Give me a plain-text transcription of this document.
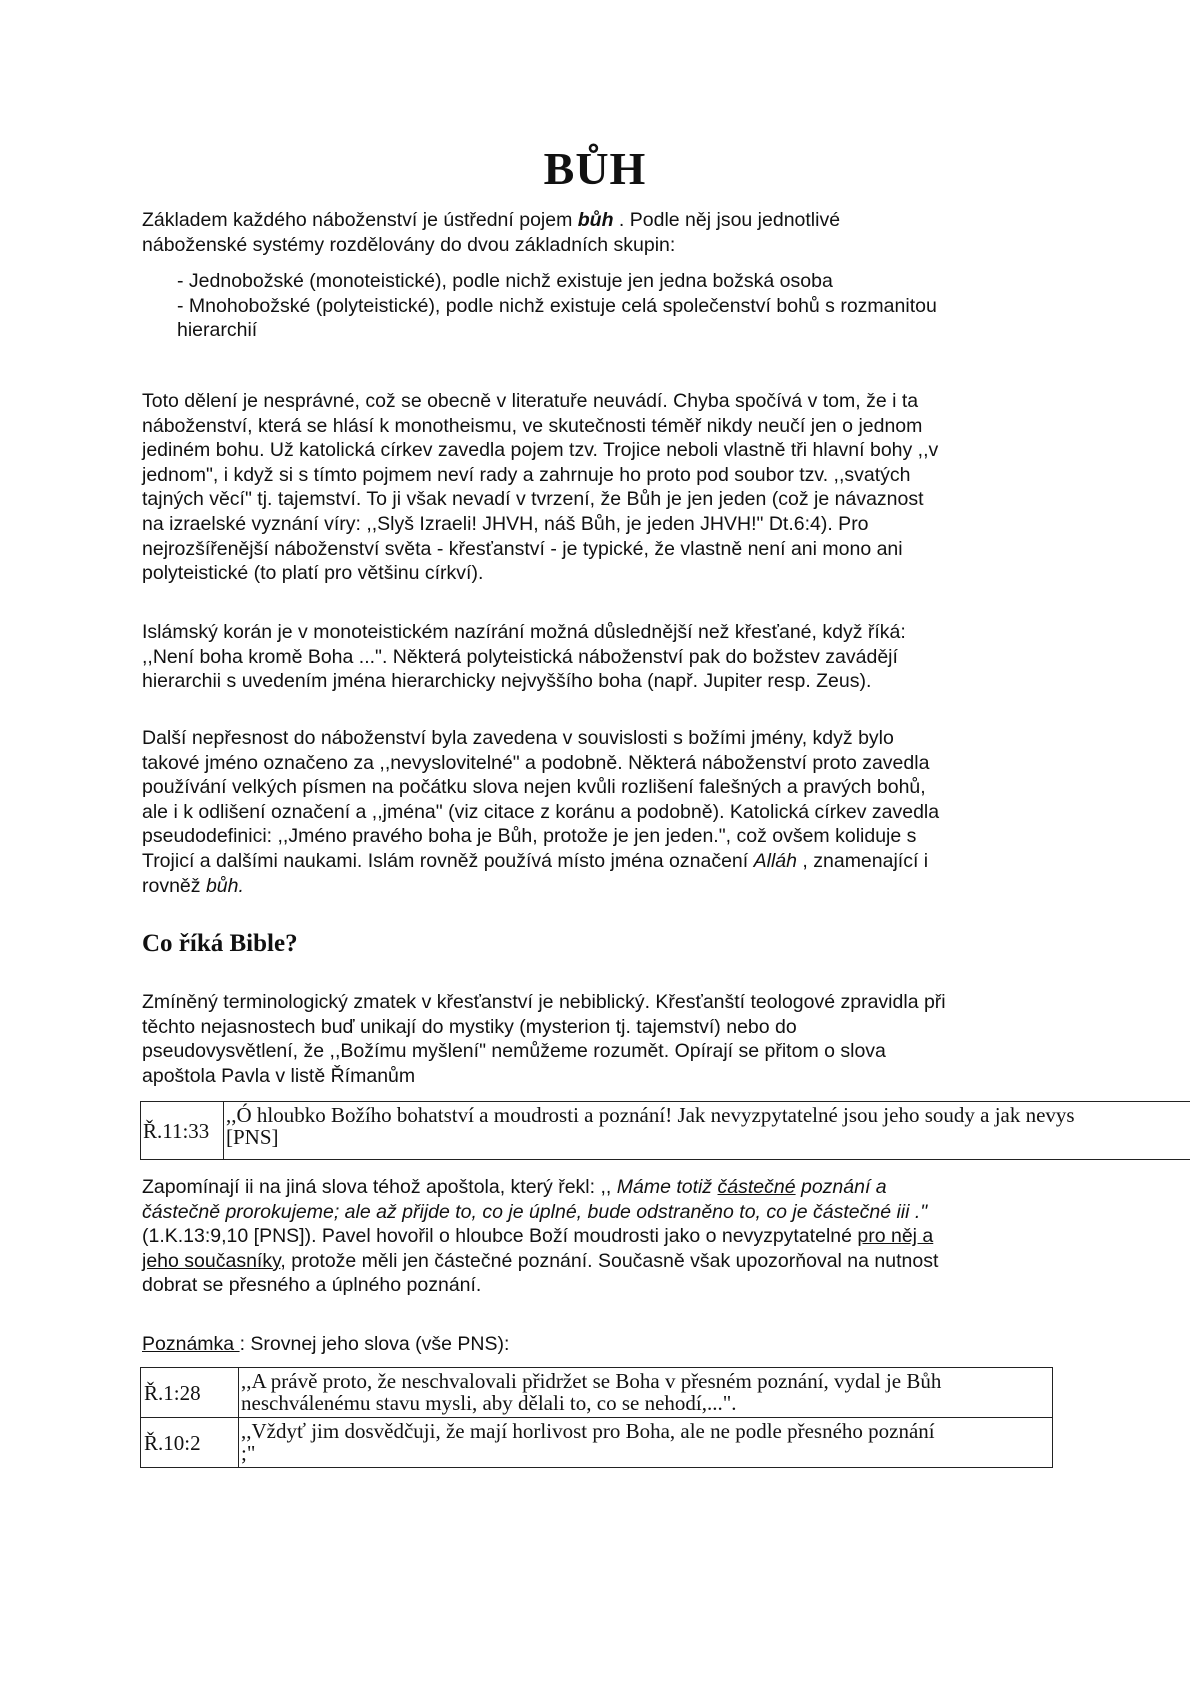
BŮH
Základem každého náboženství je ústřední pojem bůh . Podle něj jsou jednotlivé
náboženské systémy rozdělovány do dvou základních skupin:
- Jednobožské (monoteistické), podle nichž existuje jen jedna božská osoba
- Mnohobožské (polyteistické), podle nichž existuje celá společenství bohů s rozmanitou
hierarchií
Toto dělení je nesprávné, což se obecně v literatuře neuvádí. Chyba spočívá v tom, že i ta
náboženství, která se hlásí k monotheismu, ve skutečnosti téměř nikdy neučí jen o jednom
jediném bohu. Už katolická církev zavedla pojem tzv. Trojice neboli vlastně tři hlavní bohy ,,v
jednom", i když si s tímto pojmem neví rady a zahrnuje ho proto pod soubor tzv. ,,svatých
tajných věcí" tj. tajemství. To ji však nevadí v tvrzení, že Bůh je jen jeden (což je návaznost
na izraelské vyznání víry: ,,Slyš Izraeli! JHVH, náš Bůh, je jeden JHVH!" Dt.6:4). Pro
nejrozšířenější náboženství světa - křesťanství - je typické, že vlastně není ani mono ani
polyteistické (to platí pro většinu církví).
Islámský korán je v monoteistickém nazírání možná důslednější než křesťané, když říká:
,,Není boha kromě Boha ...". Některá polyteistická náboženství pak do božstev zavádějí
hierarchii s uvedením jména hierarchicky nejvyššího boha (např. Jupiter resp. Zeus).
Další nepřesnost do náboženství byla zavedena v souvislosti s božími jmény, když bylo
takové jméno označeno za ,,nevyslovitelné" a podobně. Některá náboženství proto zavedla
používání velkých písmen na počátku slova nejen kvůli rozlišení falešných a pravých bohů,
ale i k odlišení označení a ,,jména" (viz citace z koránu a podobně). Katolická církev zavedla
pseudodefinici: ,,Jméno pravého boha je Bůh, protože je jen jeden.", což ovšem koliduje s
Trojicí a dalšími naukami. Islám rovněž používá místo jména označení Alláh , znamenající i
rovněž bůh.
Co říká Bible?
Zmíněný terminologický zmatek v křesťanství je nebiblický. Křesťanští teologové zpravidla při
těchto nejasnostech buď unikají do mystiky (mysterion tj. tajemství) nebo do
pseudovysvětlení, že ,,Božímu myšlení" nemůžeme rozumět. Opírají se přitom o slova
apoštola Pavla v listě Římanům
Ř.11:33	
,,Ó hloubko Božího bohatství a moudrosti a poznání! Jak nevyzpytatelné jsou jeho soudy a jak nevys
[PNS]
Zapomínají ii na jiná slova téhož apoštola, který řekl: ,, Máme totiž částečné poznání a
částečně prorokujeme; ale až přijde to, co je úplné, bude odstraněno to, co je částečné iii ."
(1.K.13:9,10 [PNS]). Pavel hovořil o hloubce Boží moudrosti jako o nevyzpytatelné pro něj a
jeho současníky, protože měli jen částečné poznání. Současně však upozorňoval na nutnost
dobrat se přesného a úplného poznání.
Poznámka : Srovnej jeho slova (vše PNS):
Ř.1:28	,,A právě proto, že neschvalovali přidržet se Boha v přesném poznání, vydal je Bůh
neschválenému stavu mysli, aby dělali to, co se nehodí,...".

Ř.10:2	,,Vždyť jim dosvědčuji, že mají horlivost pro Boha, ale ne podle přesného poznání
;"
